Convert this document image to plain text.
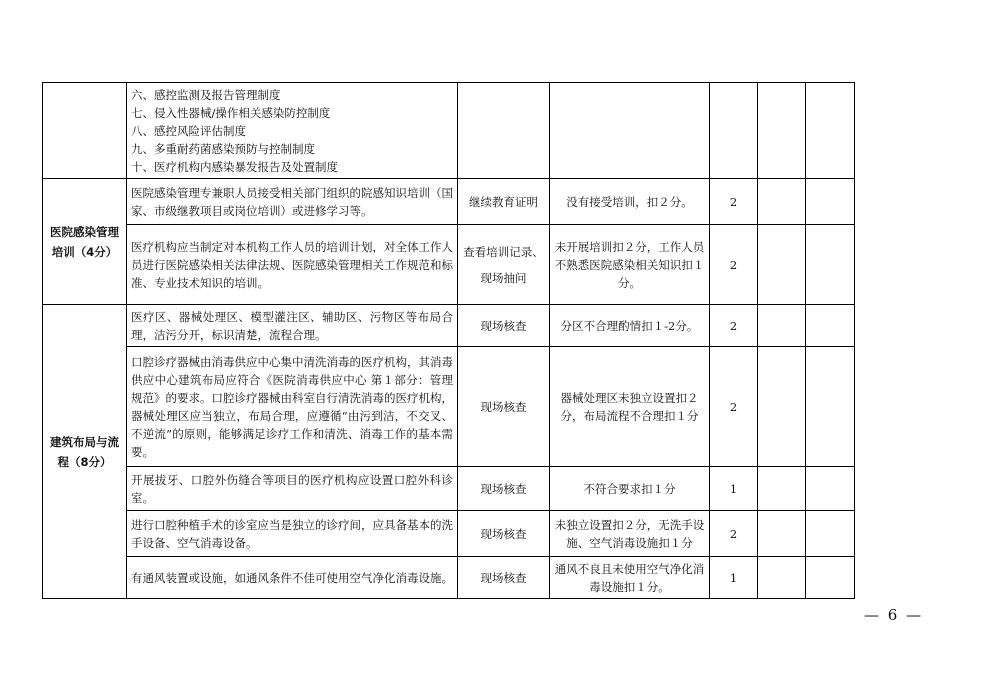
	六、感控监测及报告管理制度
七、侵入性器械/操作相关感染防控制度
八、感控风险评估制度
九、多重耐药菌感染预防与控制制度
十、医疗机构内感染暴发报告及处置制度					

医院感染管理培训（4分）	医院感染管理专兼职人员接受相关部门组织的院感知识培训（国家、市级继教项目或岗位培训）或进修学习等。	继续教育证明	没有接受培训，扣２分。	2		
	医疗机构应当制定对本机构工作人员的培训计划，对全体工作人员进行医院感染相关法律法规、医院感染管理相关工作规范和标准、专业技术知识的培训。	查看培训记录、
现场抽问	未开展培训扣２分，工作人员不熟悉医院感染相关知识扣１分。	2		
建筑布局与流程（8分）	医疗区、器械处理区、模型灌注区、辅助区、污物区等布局合理，洁污分开，标识清楚，流程合理。	现场核查	分区不合理酌情扣１-2分。	2		
	口腔诊疗器械由消毒供应中心集中清洗消毒的医疗机构，其消毒供应中心建筑布局应符合《医院消毒供应中心 第１部分：管理规范》的要求。口腔诊疗器械由科室自行清洗消毒的医疗机构，器械处理区应当独立，布局合理，应遵循“由污到洁，不交叉、不逆流”的原则，能够满足诊疗工作和清洗、消毒工作的基本需要。	现场核查	器械处理区未独立设置扣２分，布局流程不合理扣１分	2		
	开展拔牙、口腔外伤缝合等项目的医疗机构应设置口腔外科诊室。	现场核查	不符合要求扣１分	1		
	进行口腔种植手术的诊室应当是独立的诊疗间，应具备基本的洗手设备、空气消毒设备。	现场核查	未独立设置扣２分，无洗手设施、空气消毒设施扣１分	2		
	有通风装置或设施，如通风条件不佳可使用空气净化消毒设施。	现场核查	通风不良且未使用空气净化消毒设施扣１分。	1		
— 6 —
